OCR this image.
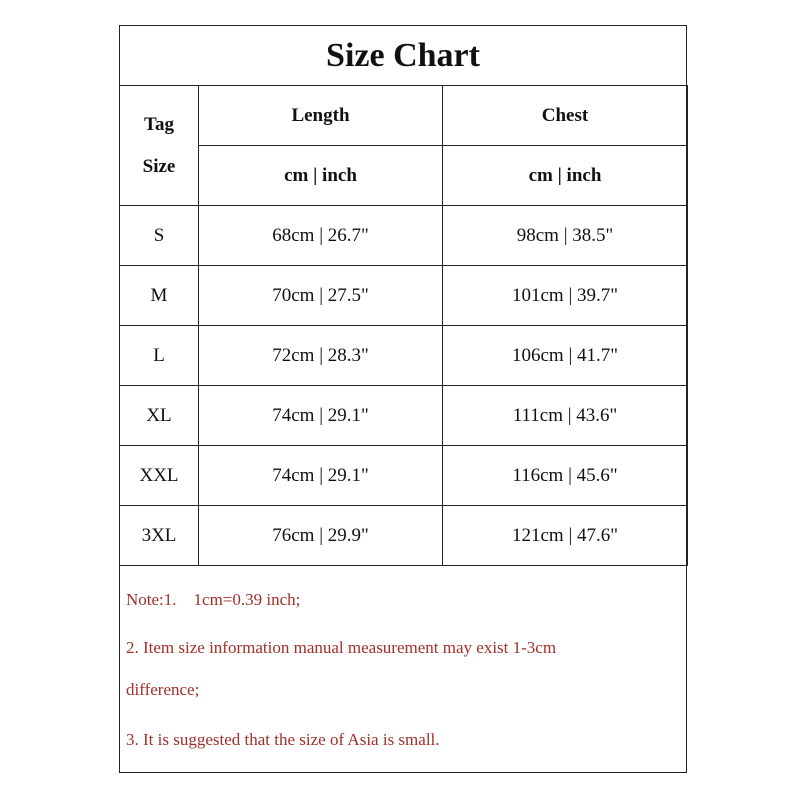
Size Chart
Tag
Size	Length	Chest
	cm | inch	cm | inch
S	68cm | 26.7"	98cm | 38.5"
M	70cm | 27.5"	101cm | 39.7"
L	72cm | 28.3"	106cm | 41.7"
XL	74cm | 29.1"	111cm | 43.6"
XXL	74cm | 29.1"	116cm | 45.6"
3XL	76cm | 29.9"	121cm | 47.6"
Note:1.    1cm=0.39 inch;
2. Item size information manual measurement may exist 1-3cm
difference;
3. It is suggested that the size of Asia is small.
